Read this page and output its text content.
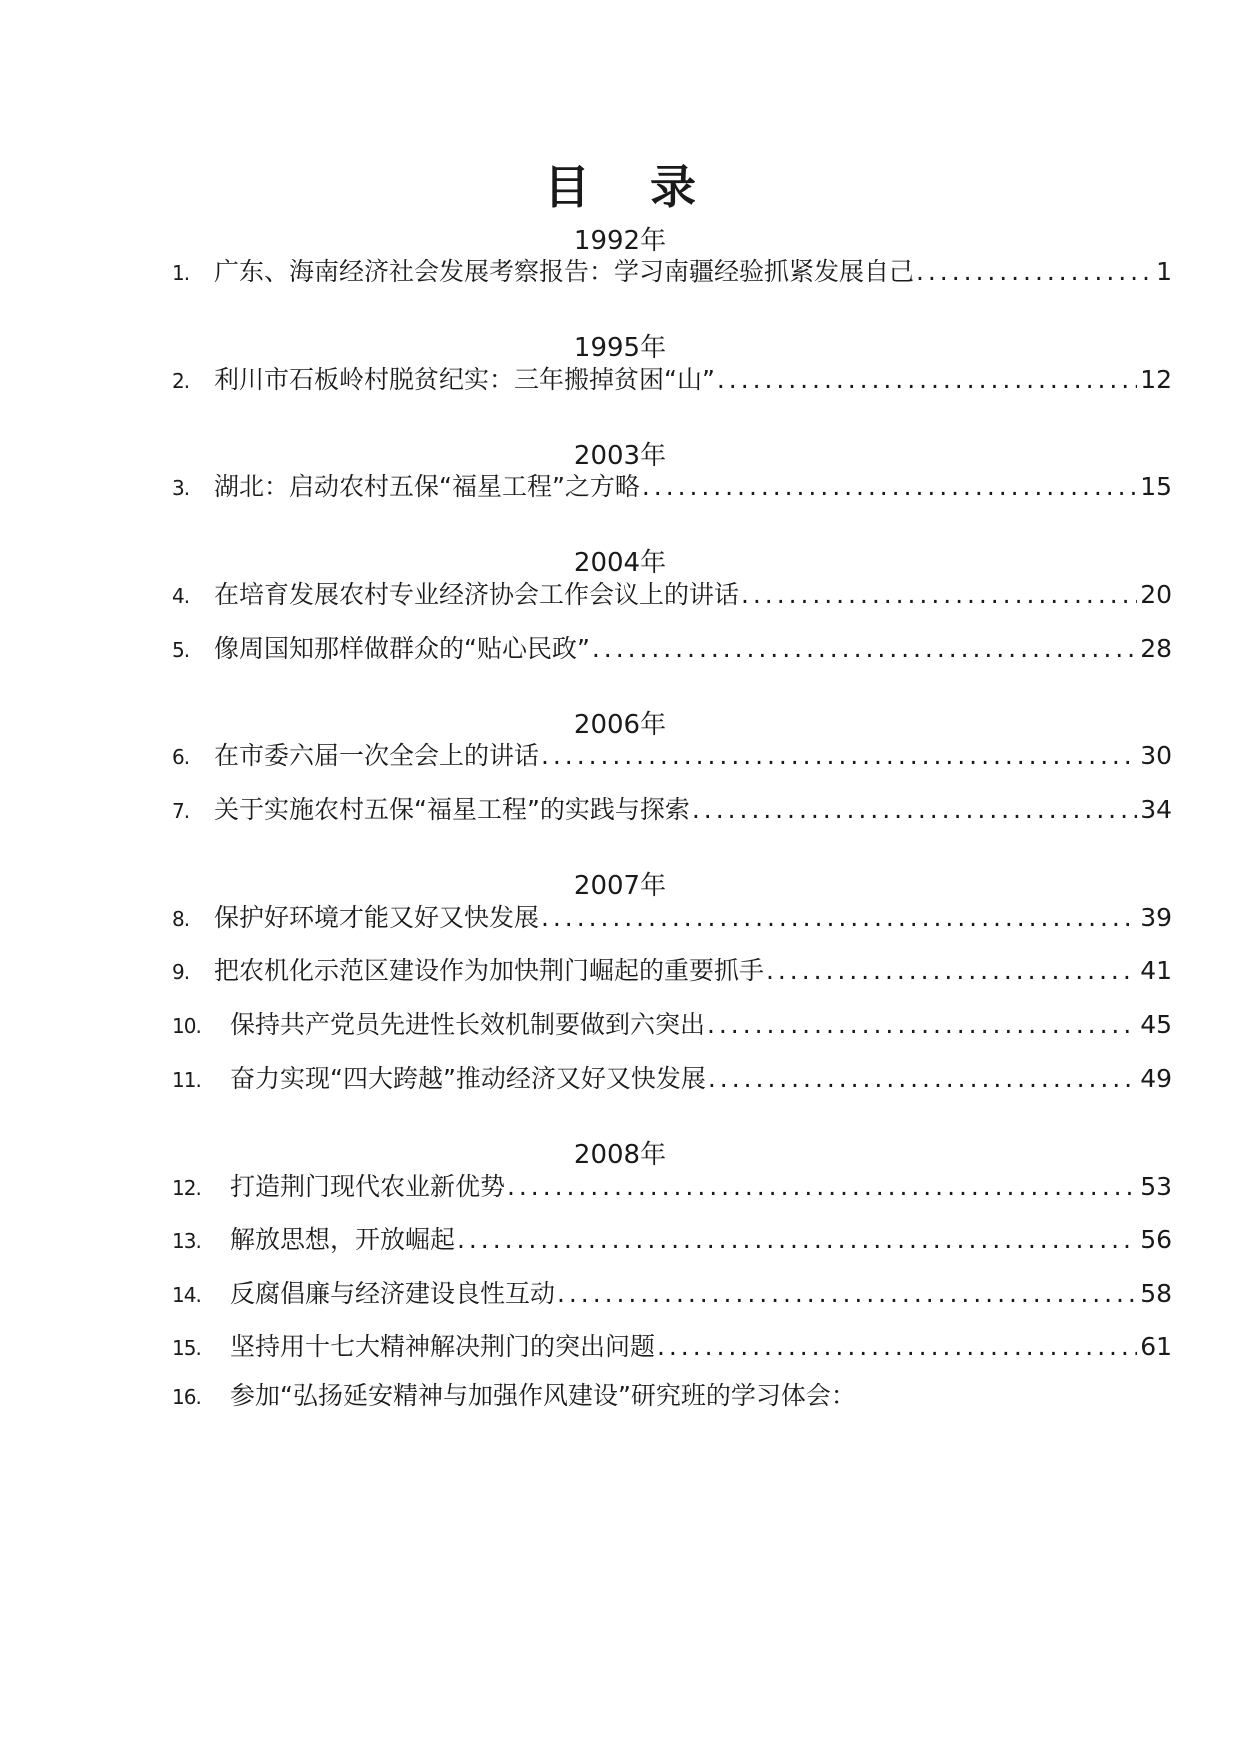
目 录
1992年
1. 广东、海南经济社会发展考察报告：学习南疆经验抓紧发展自己 . . .	1
1995年
2. 利川市石板岭村脱贫纪实：三年搬掉贫困“山” . . .	12
2003年
3. 湖北：启动农村五保“福星工程”之方略 . . .	15
2004年
4. 在培育发展农村专业经济协会工作会议上的讲话 . . .	20
5. 像周国知那样做群众的“贴心民政” . . .	28
2006年
6. 在市委六届一次全会上的讲话 . . .	30
7. 关于实施农村五保“福星工程”的实践与探索 . . .	34
2007年
8. 保护好环境才能又好又快发展 . . .	39
9. 把农机化示范区建设作为加快荆门崛起的重要抓手 . . .	41
10.	保持共产党员先进性长效机制要做到六突出 . . .	45
11.	奋力实现“四大跨越”推动经济又好又快发展 . . .	49
2008年
12.	打造荆门现代农业新优势 . . .	53
13.	解放思想，开放崛起 . . .	56
14.	反腐倡廉与经济建设良性互动 . . .	58
15.	坚持用十七大精神解决荆门的突出问题 . . .	61
16.	参加“弘扬延安精神与加强作风建设”研究班的学习体会：
